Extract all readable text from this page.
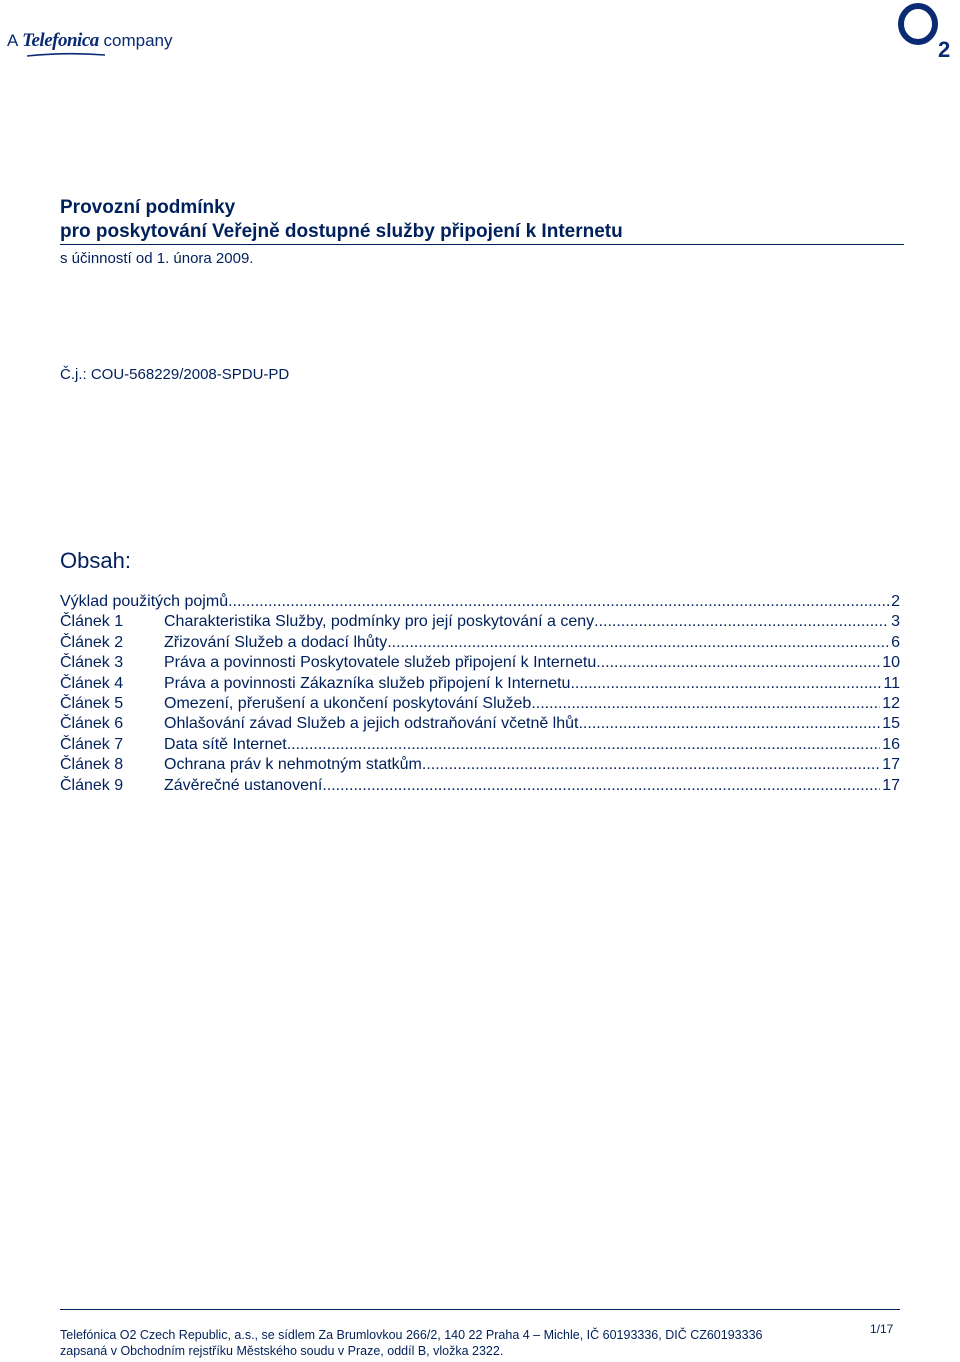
A Telefonica company	2
Provozní podmínky
pro poskytování Veřejně dostupné služby připojení k Internetu
s účinností od 1. února 2009.
Č.j.: COU-568229/2008-SPDU-PD
Obsah:
Výklad použitých pojmů .....	2
Článek 1	Charakteristika Služby, podmínky pro její poskytování a ceny .....	3
Článek 2	Zřizování Služeb a dodací lhůty .....	6
Článek 3	Práva a povinnosti Poskytovatele služeb připojení k Internetu .....	10
Článek 4	Práva a povinnosti Zákazníka služeb připojení k Internetu .....	11
Článek 5	Omezení, přerušení a ukončení poskytování Služeb .....	12
Článek 6	Ohlašování závad Služeb a jejich odstraňování včetně lhůt .....	15
Článek 7	Data sítě Internet .....	16
Článek 8	Ochrana práv k nehmotným statkům .....	17
Článek 9	Závěrečné ustanovení .....	17
1/17
Telefónica O2 Czech Republic, a.s., se sídlem Za Brumlovkou 266/2, 140 22 Praha 4 – Michle, IČ 60193336, DIČ CZ60193336
zapsaná v Obchodním rejstříku Městského soudu v Praze, oddíl B, vložka 2322.
